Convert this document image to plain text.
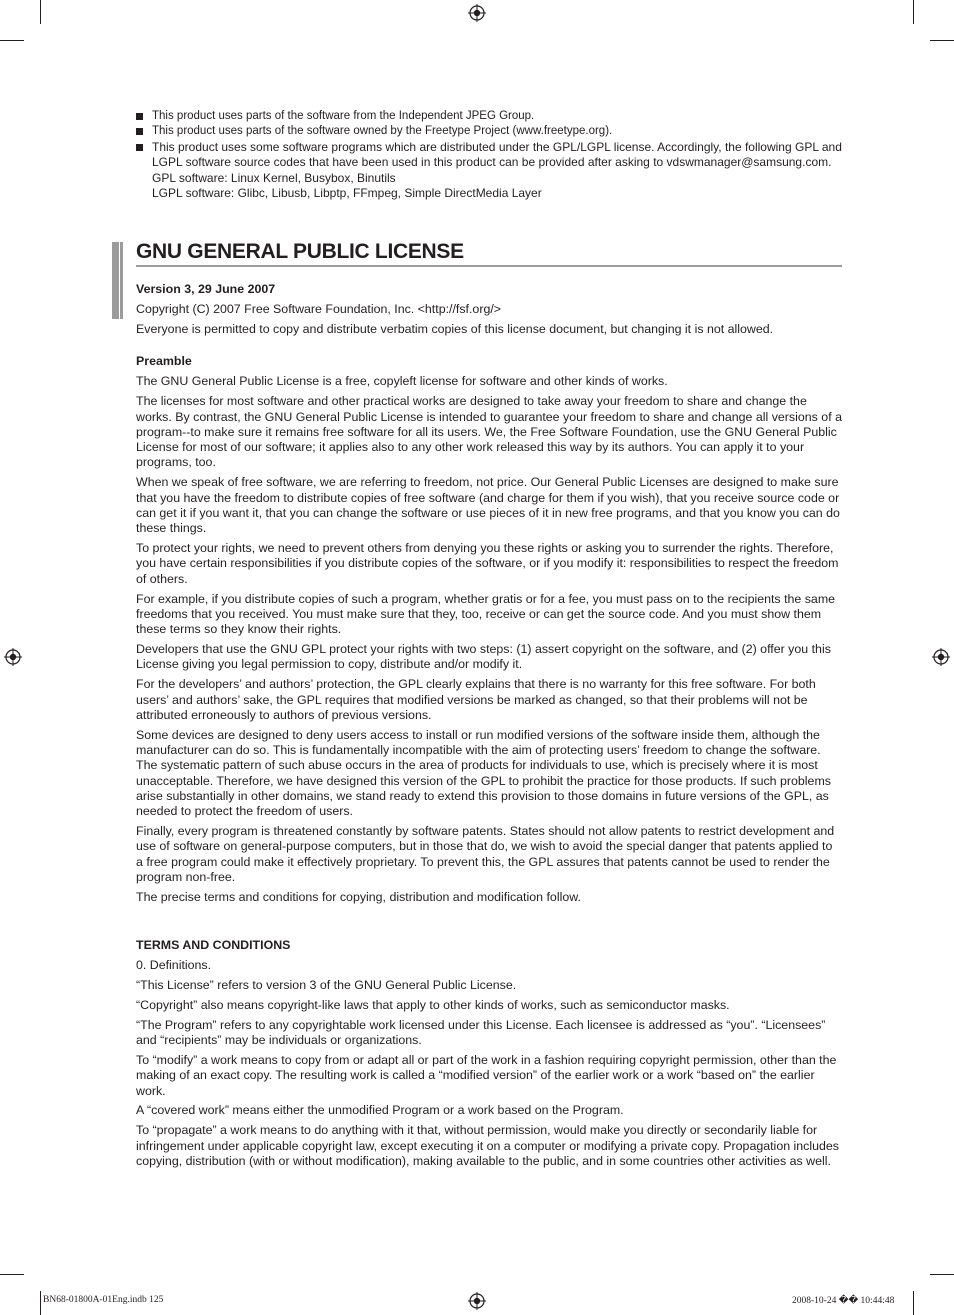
This product uses parts of the software from the Independent JPEG Group.
This product uses parts of the software owned by the Freetype Project (www.freetype.org).
This product uses some software programs which are distributed under the GPL/LGPL license. Accordingly, the following GPL and LGPL software source codes that have been used in this product can be provided after asking to vdswmanager@samsung.com.
GPL software: Linux Kernel, Busybox, Binutils
LGPL software: Glibc, Libusb, Libptp, FFmpeg, Simple DirectMedia Layer
GNU GENERAL PUBLIC LICENSE

Version 3, 29 June 2007

Copyright (C) 2007 Free Software Foundation, Inc. <http://fsf.org/>

Everyone is permitted to copy and distribute verbatim copies of this license document, but changing it is not allowed.

Preamble

The GNU General Public License is a free, copyleft license for software and other kinds of works.

The licenses for most software and other practical works are designed to take away your freedom to share and change the works. By contrast, the GNU General Public License is intended to guarantee your freedom to share and change all versions of a program--to make sure it remains free software for all its users. We, the Free Software Foundation, use the GNU General Public License for most of our software; it applies also to any other work released this way by its authors. You can apply it to your programs, too.

When we speak of free software, we are referring to freedom, not price. Our General Public Licenses are designed to make sure that you have the freedom to distribute copies of free software (and charge for them if you wish), that you receive source code or can get it if you want it, that you can change the software or use pieces of it in new free programs, and that you know you can do these things.

To protect your rights, we need to prevent others from denying you these rights or asking you to surrender the rights. Therefore, you have certain responsibilities if you distribute copies of the software, or if you modify it: responsibilities to respect the freedom of others.

For example, if you distribute copies of such a program, whether gratis or for a fee, you must pass on to the recipients the same freedoms that you received. You must make sure that they, too, receive or can get the source code. And you must show them these terms so they know their rights.

Developers that use the GNU GPL protect your rights with two steps: (1) assert copyright on the software, and (2) offer you this License giving you legal permission to copy, distribute and/or modify it.

For the developers’ and authors’ protection, the GPL clearly explains that there is no warranty for this free software. For both users’ and authors’ sake, the GPL requires that modified versions be marked as changed, so that their problems will not be attributed erroneously to authors of previous versions.

Some devices are designed to deny users access to install or run modified versions of the software inside them, although the manufacturer can do so. This is fundamentally incompatible with the aim of protecting users’ freedom to change the software. The systematic pattern of such abuse occurs in the area of products for individuals to use, which is precisely where it is most unacceptable. Therefore, we have designed this version of the GPL to prohibit the practice for those products. If such problems arise substantially in other domains, we stand ready to extend this provision to those domains in future versions of the GPL, as needed to protect the freedom of users.

Finally, every program is threatened constantly by software patents. States should not allow patents to restrict development and use of software on general-purpose computers, but in those that do, we wish to avoid the special danger that patents applied to a free program could make it effectively proprietary. To prevent this, the GPL assures that patents cannot be used to render the program non-free.

The precise terms and conditions for copying, distribution and modification follow.

TERMS AND CONDITIONS

0. Definitions.

“This License” refers to version 3 of the GNU General Public License.

“Copyright” also means copyright-like laws that apply to other kinds of works, such as semiconductor masks.

“The Program” refers to any copyrightable work licensed under this License. Each licensee is addressed as “you”. “Licensees” and “recipients” may be individuals or organizations.

To “modify” a work means to copy from or adapt all or part of the work in a fashion requiring copyright permission, other than the making of an exact copy. The resulting work is called a “modified version” of the earlier work or a work “based on” the earlier work.

A “covered work” means either the unmodified Program or a work based on the Program.

To “propagate” a work means to do anything with it that, without permission, would make you directly or secondarily liable for infringement under applicable copyright law, except executing it on a computer or modifying a private copy. Propagation includes copying, distribution (with or without modification), making available to the public, and in some countries other activities as well.

BN68-01800A-01Eng.indb 125	2008-10-24 �� 10:44:48
